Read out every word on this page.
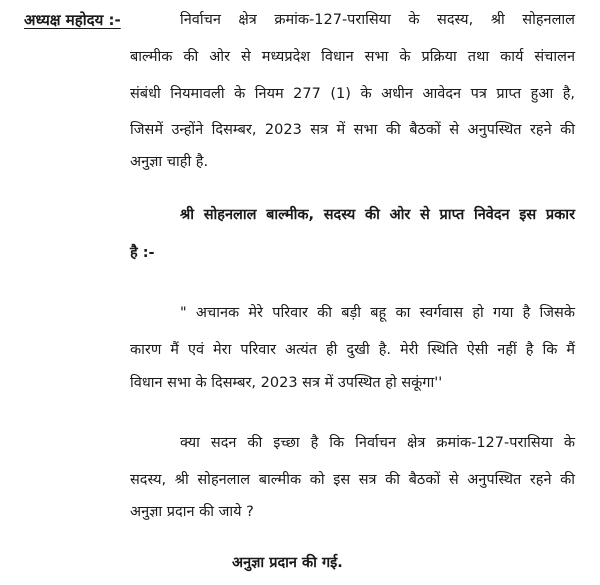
अध्यक्ष महोदय :-	निर्वाचन क्षेत्र क्रमांक-127-परासिया के सदस्य, श्री सोहनलाल
बाल्मीक की ओर से मध्यप्रदेश विधान सभा के प्रक्रिया तथा कार्य संचालन
संबंधी नियमावली के नियम 277 (1) के अधीन आवेदन पत्र प्राप्त हुआ है,
जिसमें उन्होंने दिसम्बर, 2023 सत्र में सभा की बैठकों से अनुपस्थित रहने की
अनुज्ञा चाही है.
श्री सोहनलाल बाल्मीक, सदस्य की ओर से प्राप्त निवेदन इस प्रकार
है :-
" अचानक मेरे परिवार की बड़ी बहू का स्वर्गवास हो गया है जिसके
कारण मैं एवं मेरा परिवार अत्यंत ही दुखी है. मेरी स्थिति ऐसी नहीं है कि मैं
विधान सभा के दिसम्बर, 2023 सत्र में उपस्थित हो सकूंगा''
क्या सदन की इच्छा है कि निर्वाचन क्षेत्र क्रमांक-127-परासिया के
सदस्य, श्री सोहनलाल बाल्मीक को इस सत्र की बैठकों से अनुपस्थित रहने की
अनुज्ञा प्रदान की जाये ?
अनुज्ञा प्रदान की गई.
